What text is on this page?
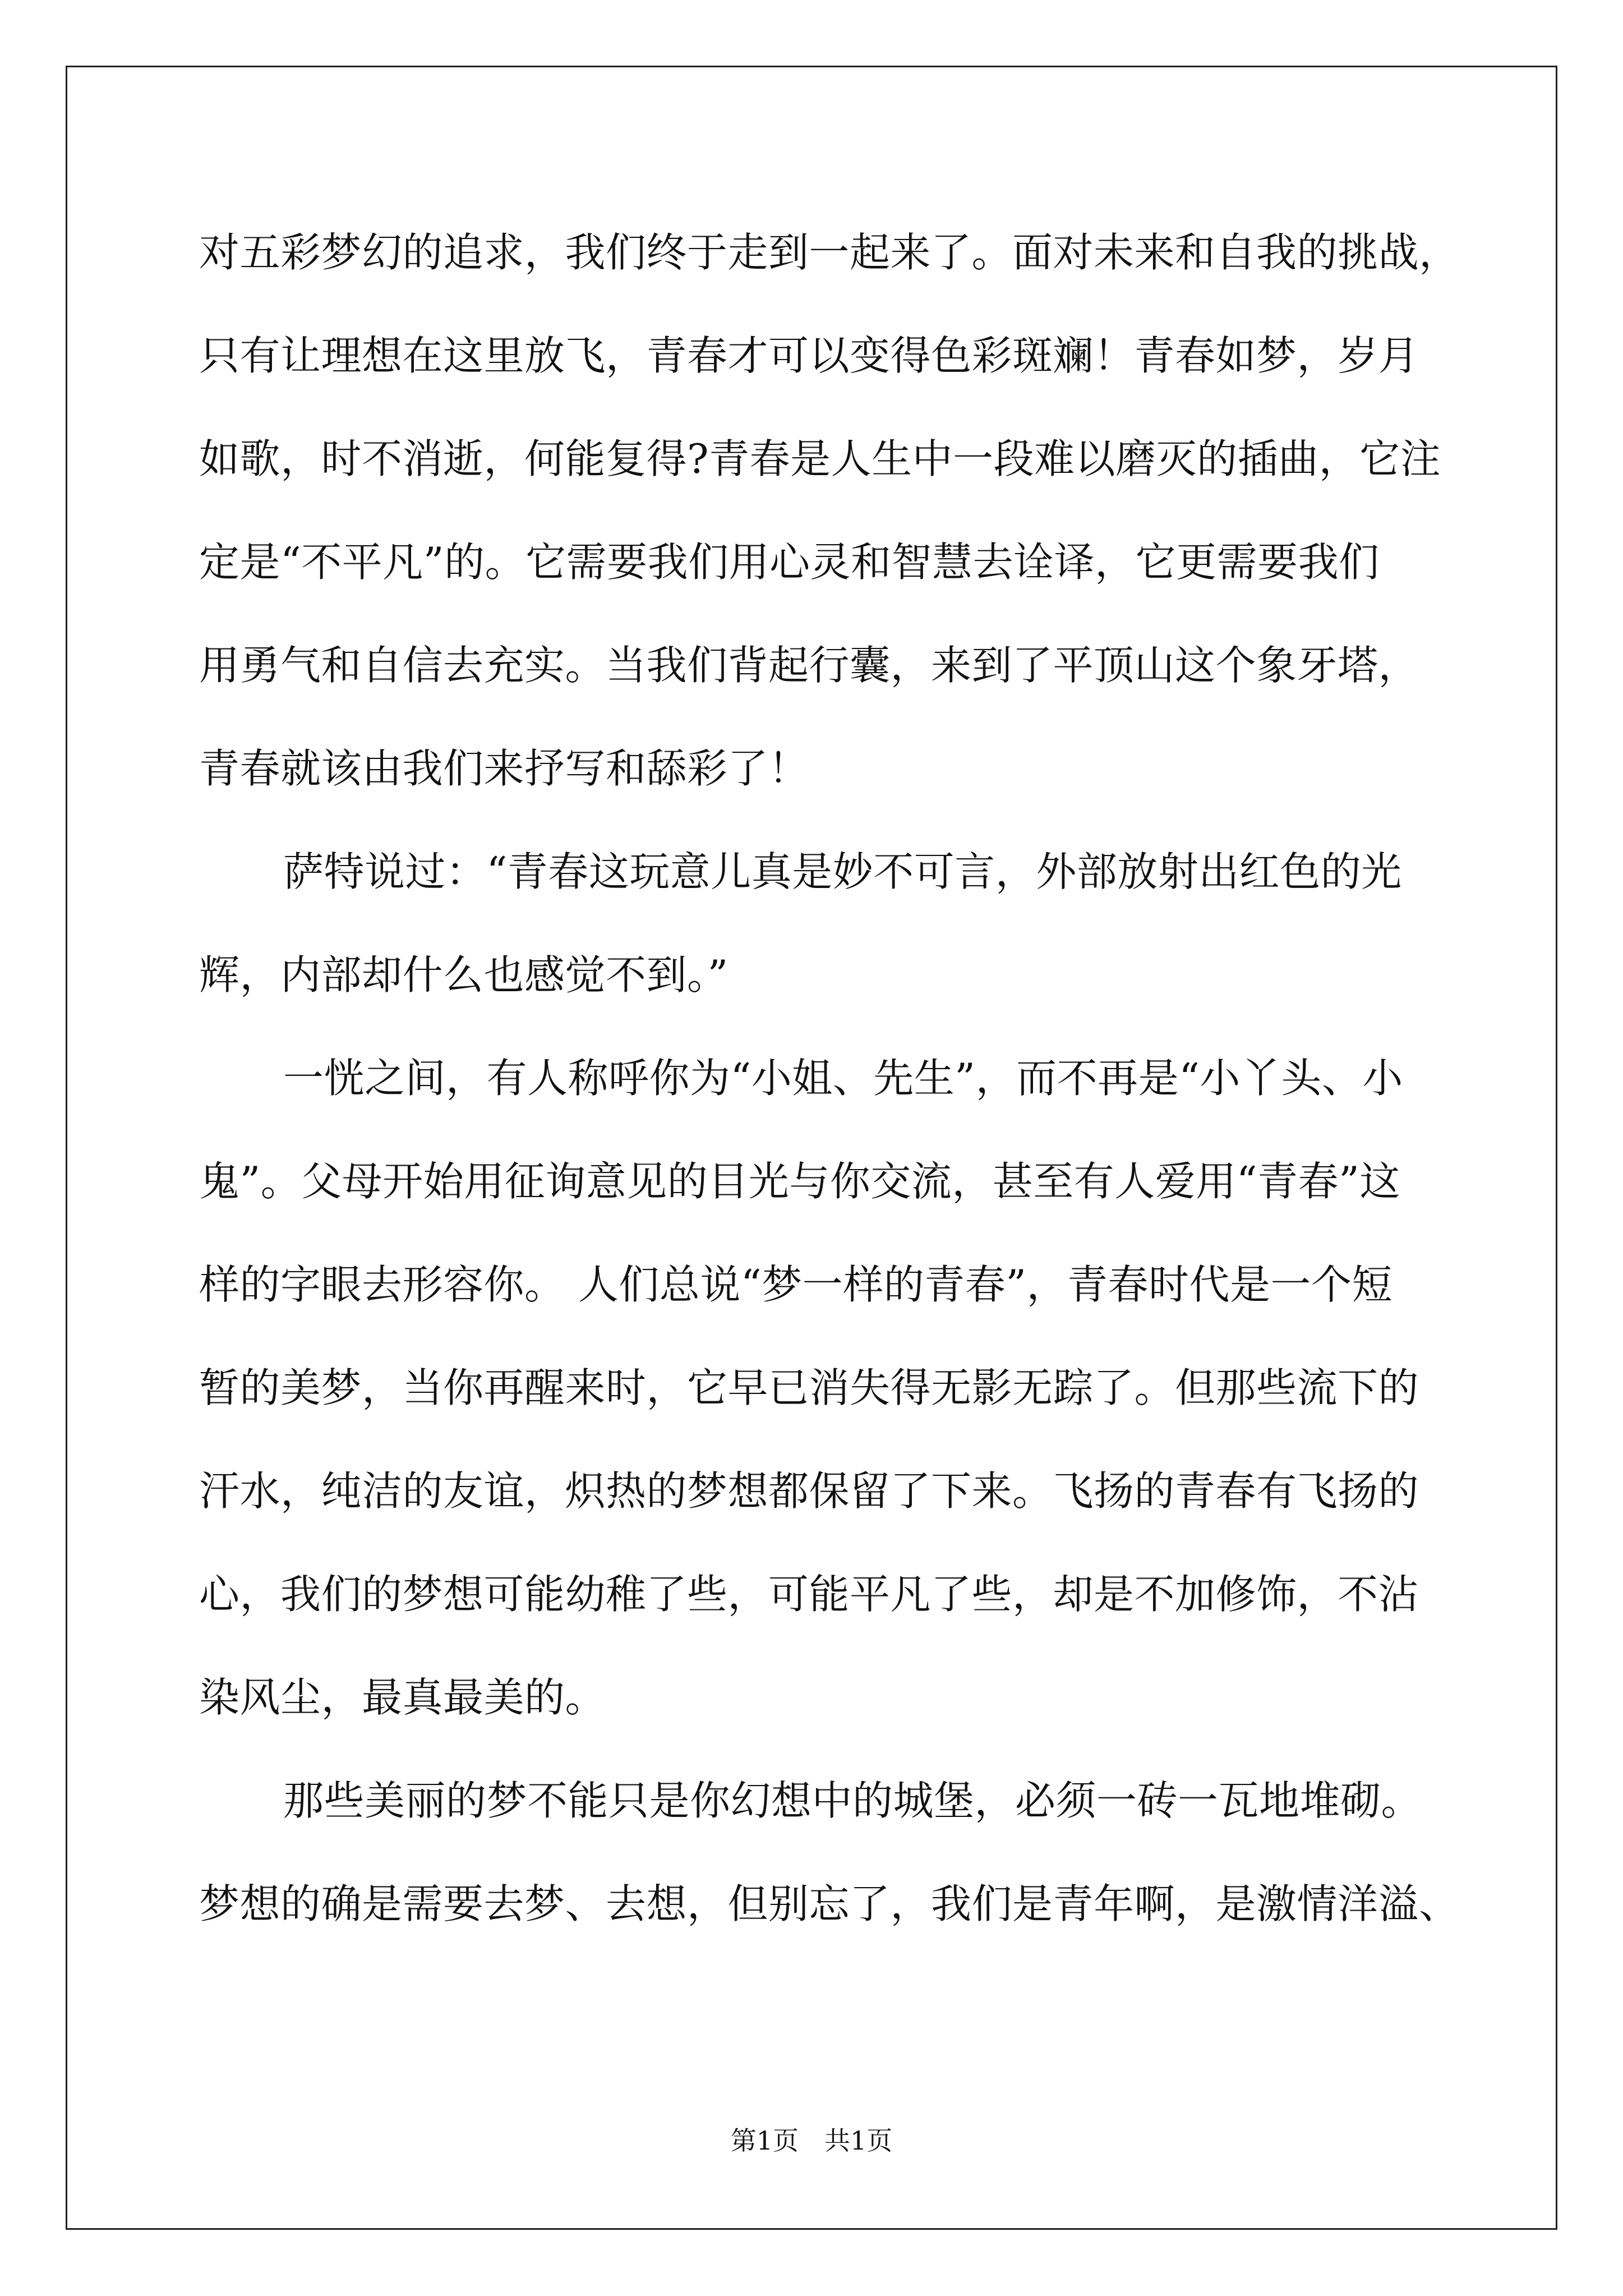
对五彩梦幻的追求，我们终于走到一起来了。面对未来和自我的挑战，
只有让理想在这里放飞，青春才可以变得色彩斑斓！青春如梦，岁月
如歌，时不消逝，何能复得?青春是人生中一段难以磨灭的插曲，它注
定是“不平凡”的。它需要我们用心灵和智慧去诠译，它更需要我们
用勇气和自信去充实。当我们背起行囊，来到了平顶山这个象牙塔，
青春就该由我们来抒写和舔彩了！
萨特说过：“青春这玩意儿真是妙不可言，外部放射出红色的光
辉，内部却什么也感觉不到。”
一恍之间，有人称呼你为“小姐、先生”，而不再是“小丫头、小
鬼”。父母开始用征询意见的目光与你交流，甚至有人爱用“青春”这
样的字眼去形容你。 人们总说“梦一样的青春”，青春时代是一个短
暂的美梦，当你再醒来时，它早已消失得无影无踪了。但那些流下的
汗水，纯洁的友谊，炽热的梦想都保留了下来。飞扬的青春有飞扬的
心，我们的梦想可能幼稚了些，可能平凡了些，却是不加修饰，不沾
染风尘，最真最美的。
那些美丽的梦不能只是你幻想中的城堡，必须一砖一瓦地堆砌。
梦想的确是需要去梦、去想，但别忘了，我们是青年啊，是激情洋溢、
第1页　共1页
